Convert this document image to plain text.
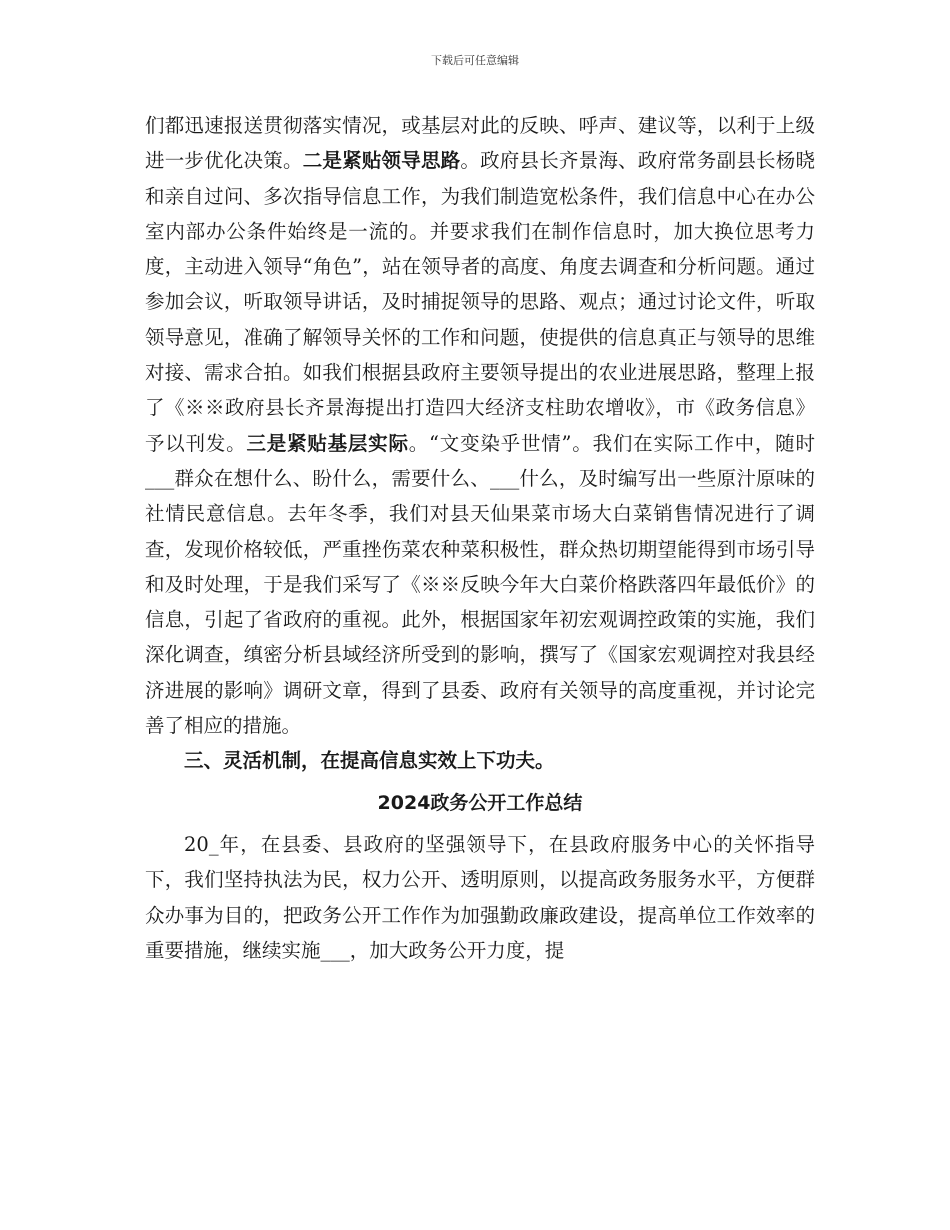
下载后可任意编辑

们都迅速报送贯彻落实情况，或基层对此的反映、呼声、建议等，以利于上级进一步优化决策。二是紧贴领导思路。政府县长齐景海、政府常务副县长杨晓和亲自过问、多次指导信息工作，为我们制造宽松条件，我们信息中心在办公室内部办公条件始终是一流的。并要求我们在制作信息时，加大换位思考力度，主动进入领导“角色”，站在领导者的高度、角度去调查和分析问题。通过参加会议，听取领导讲话，及时捕捉领导的思路、观点；通过讨论文件，听取领导意见，准确了解领导关怀的工作和问题，使提供的信息真正与领导的思维对接、需求合拍。如我们根据县政府主要领导提出的农业进展思路，整理上报了《※※政府县长齐景海提出打造四大经济支柱助农增收》，市《政务信息》予以刊发。三是紧贴基层实际。“文变染乎世情”。我们在实际工作中，随时___群众在想什么、盼什么，需要什么、___什么，及时编写出一些原汁原味的社情民意信息。去年冬季，我们对县天仙果菜市场大白菜销售情况进行了调查，发现价格较低，严重挫伤菜农种菜积极性，群众热切期望能得到市场引导和及时处理，于是我们采写了《※※反映今年大白菜价格跌落四年最低价》的信息，引起了省政府的重视。此外，根据国家年初宏观调控政策的实施，我们深化调查，缜密分析县域经济所受到的影响，撰写了《国家宏观调控对我县经济进展的影响》调研文章，得到了县委、政府有关领导的高度重视，并讨论完善了相应的措施。

三、灵活机制，在提高信息实效上下功夫。

2024政务公开工作总结

20_年，在县委、县政府的坚强领导下，在县政府服务中心的关怀指导下，我们坚持执法为民，权力公开、透明原则，以提高政务服务水平，方便群众办事为目的，把政务公开工作作为加强勤政廉政建设，提高单位工作效率的重要措施，继续实施___，加大政务公开力度，提
